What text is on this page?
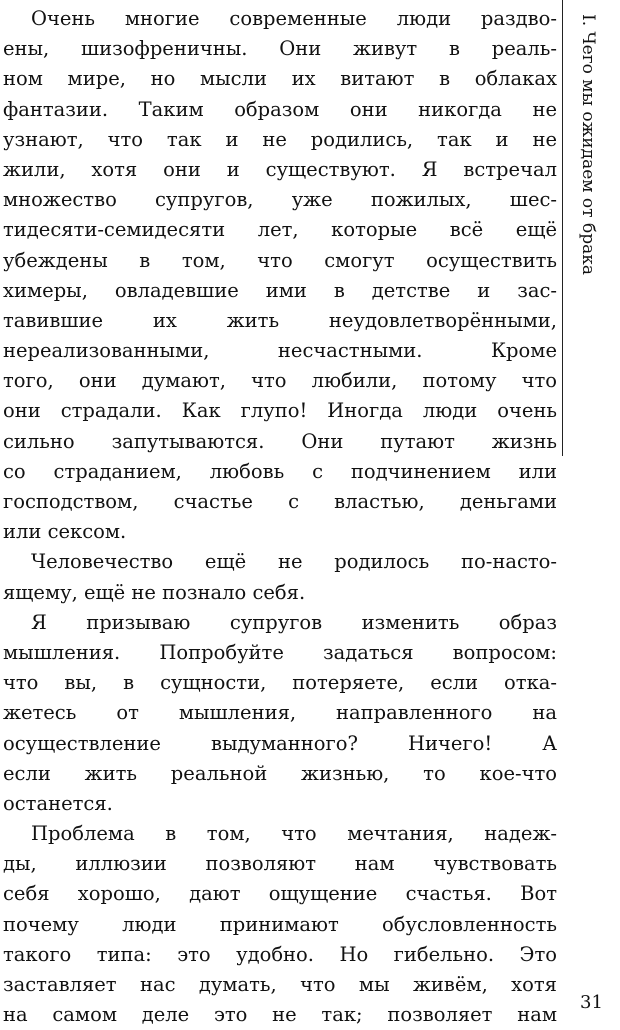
Очень многие современные люди раздво-
ены, шизофреничны. Они живут в реаль-
ном мире, но мысли их витают в облаках
фантазии. Таким образом они никогда не
узнают, что так и не родились, так и не
жили, хотя они и существуют. Я встречал
множество супругов, уже пожилых, шес-
тидесяти-семидесяти лет, которые всё ещё
убеждены в том, что смогут осуществить
химеры, овладевшие ими в детстве и зас-
тавившие их жить неудовлетворёнными,
нереализованными, несчастными. Кроме
того, они думают, что любили, потому что
они страдали. Как глупо! Иногда люди очень
сильно запутываются. Они путают жизнь
со страданием, любовь с подчинением или
господством, счастье с властью, деньгами
или сексом.
Человечество ещё не родилось по-насто-
ящему, ещё не познало себя.
Я призываю супругов изменить образ
мышления. Попробуйте задаться вопросом:
что вы, в сущности, потеряете, если отка-
жетесь от мышления, направленного на
осуществление выдуманного? Ничего! А
если жить реальной жизнью, то кое-что
останется.
Проблема в том, что мечтания, надеж-
ды, иллюзии позволяют нам чувствовать
себя хорошо, дают ощущение счастья. Вот
почему люди принимают обусловленность
такого типа: это удобно. Но гибельно. Это
заставляет нас думать, что мы живём, хотя
на самом деле это не так; позволяет нам
I. Чего мы ожидаем от брака
31
